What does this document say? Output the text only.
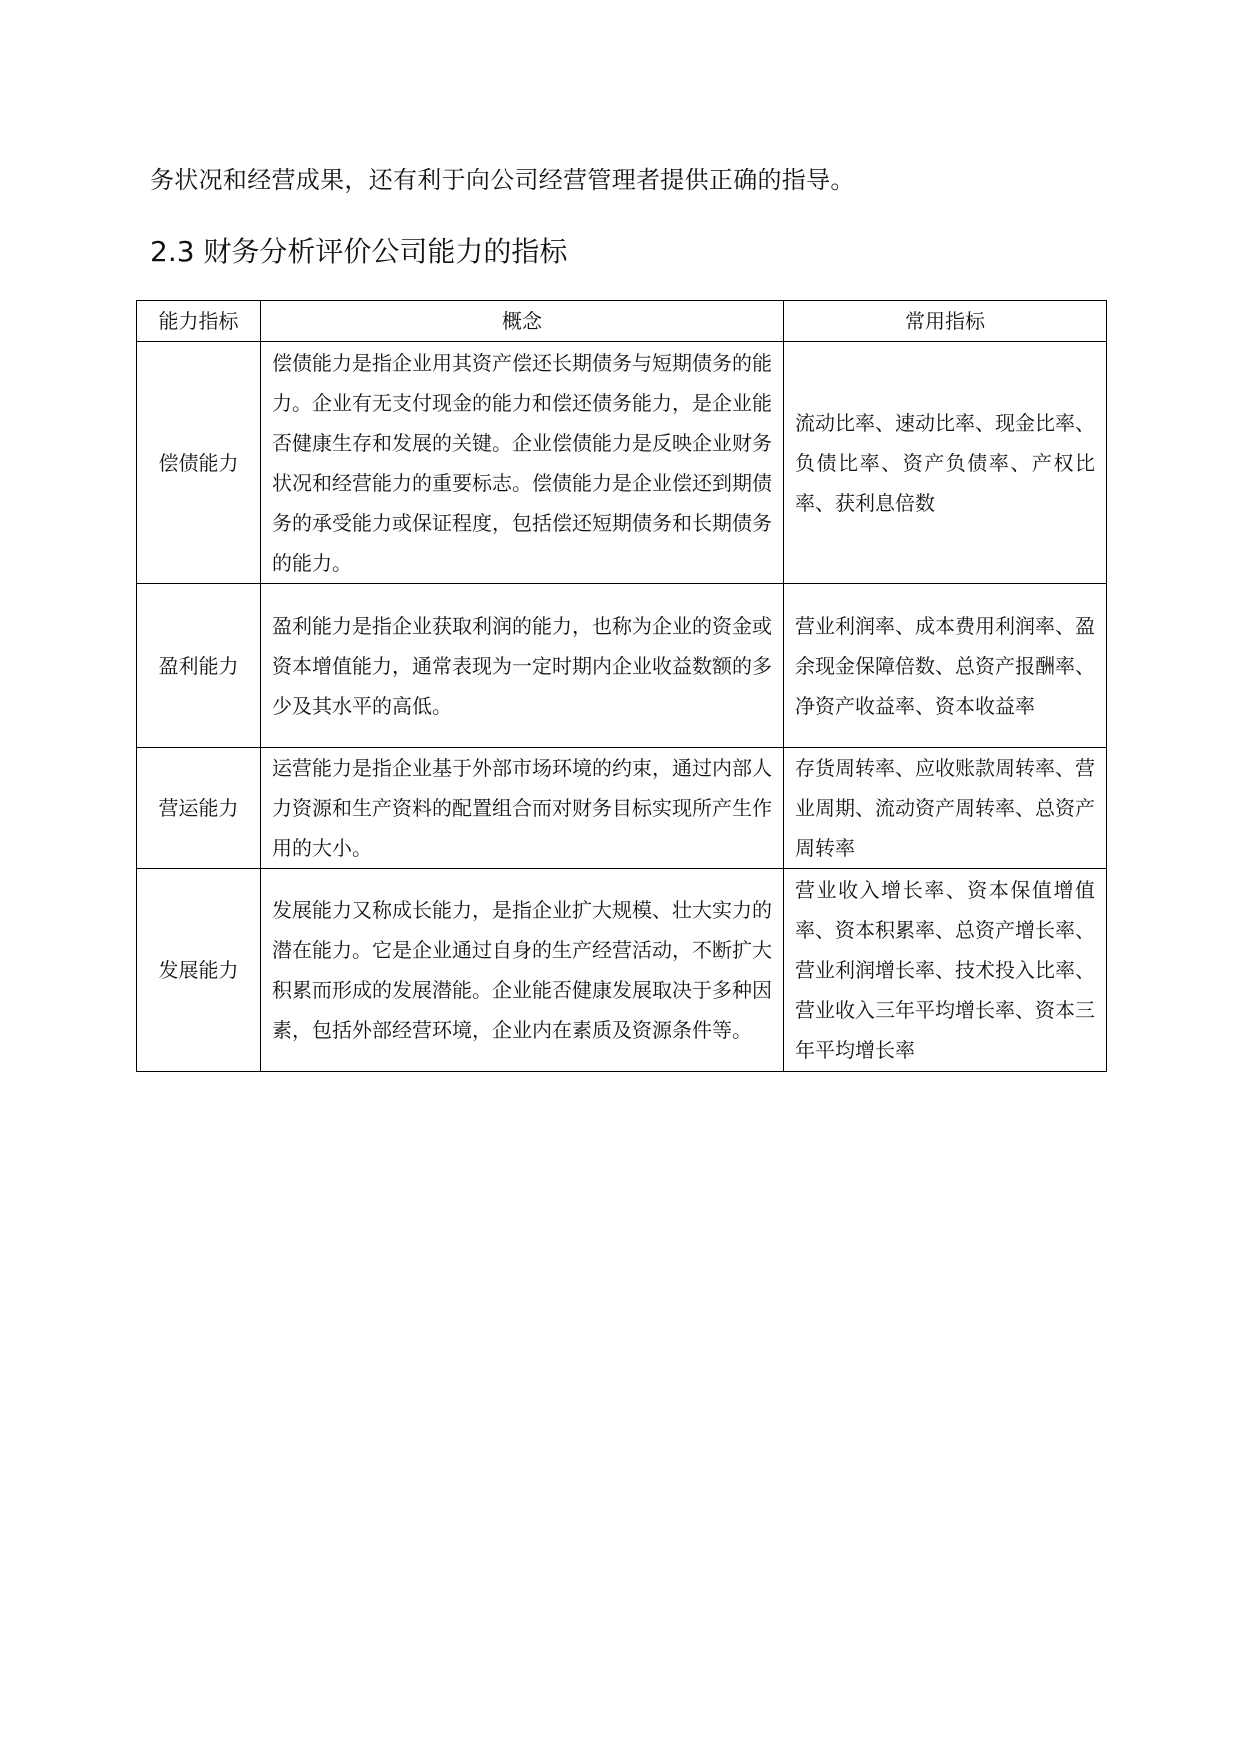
务状况和经营成果，还有利于向公司经营管理者提供正确的指导。

2.3 财务分析评价公司能力的指标
能力指标	概念	常用指标
偿债能力	偿债能力是指企业用其资产偿还长期债务与短期债务的能力。企业有无支付现金的能力和偿还债务能力，是企业能否健康生存和发展的关键。企业偿债能力是反映企业财务状况和经营能力的重要标志。偿债能力是企业偿还到期债务的承受能力或保证程度，包括偿还短期债务和长期债务的能力。	流动比率、速动比率、现金比率、负债比率、资产负债率、产权比率、获利息倍数
盈利能力	盈利能力是指企业获取利润的能力，也称为企业的资金或资本增值能力，通常表现为一定时期内企业收益数额的多少及其水平的高低。	营业利润率、成本费用利润率、盈余现金保障倍数、总资产报酬率、净资产收益率、资本收益率
营运能力	运营能力是指企业基于外部市场环境的约束，通过内部人力资源和生产资料的配置组合而对财务目标实现所产生作用的大小。	存货周转率、应收账款周转率、营业周期、流动资产周转率、总资产周转率
发展能力	发展能力又称成长能力，是指企业扩大规模、壮大实力的潜在能力。它是企业通过自身的生产经营活动，不断扩大积累而形成的发展潜能。企业能否健康发展取决于多种因素，包括外部经营环境，企业内在素质及资源条件等。	营业收入增长率、资本保值增值率、资本积累率、总资产增长率、营业利润增长率、技术投入比率、营业收入三年平均增长率、资本三年平均增长率
